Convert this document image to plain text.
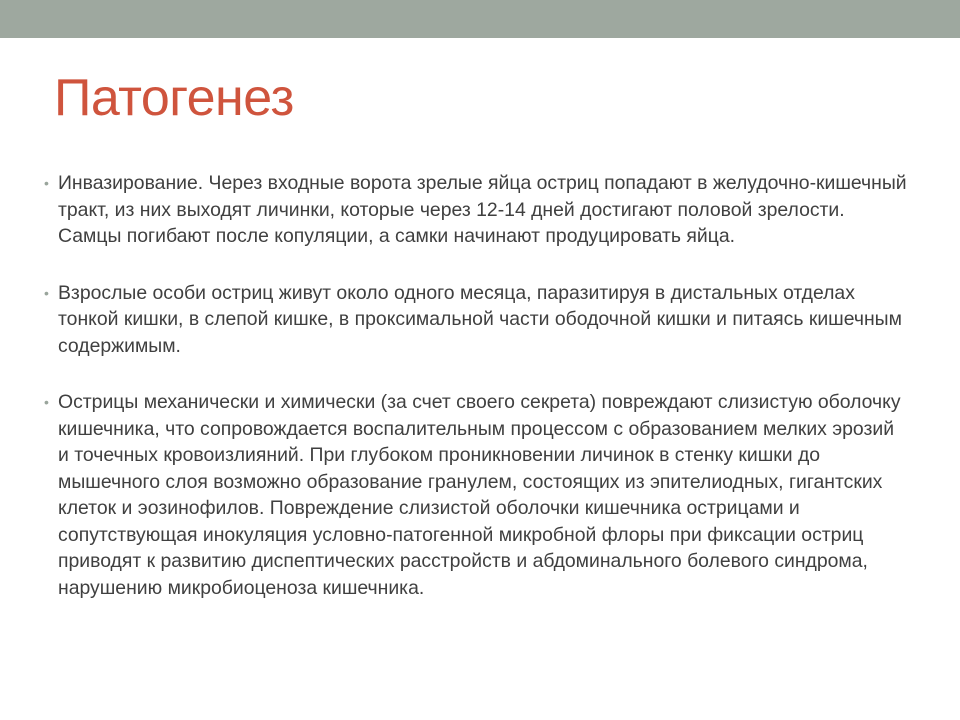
Патогенез
• Инвазирование. Через входные ворота зрелые яйца остриц попадают в желудочно-кишечный тракт, из них выходят личинки, которые через 12-14 дней достигают половой зрелости. Самцы погибают после копуляции, а самки начинают продуцировать яйца.
• Взрослые особи остриц живут около одного месяца, паразитируя в дистальных отделах тонкой кишки, в слепой кишке, в проксимальной части ободочной кишки и питаясь кишечным содержимым.
• Острицы механически и химически (за счет своего секрета) повреждают слизистую оболочку кишечника, что сопровождается воспалительным процессом с образованием мелких эрозий и точечных кровоизлияний. При глубоком проникновении личинок в стенку кишки до мышечного слоя возможно образование гранулем, состоящих из эпителиодных, гигантских клеток и эозинофилов. Повреждение слизистой оболочки кишечника острицами и сопутствующая инокуляция условно-патогенной микробной флоры при фиксации остриц приводят к развитию диспептических расстройств и абдоминального болевого синдрома, нарушению микробиоценоза кишечника.
